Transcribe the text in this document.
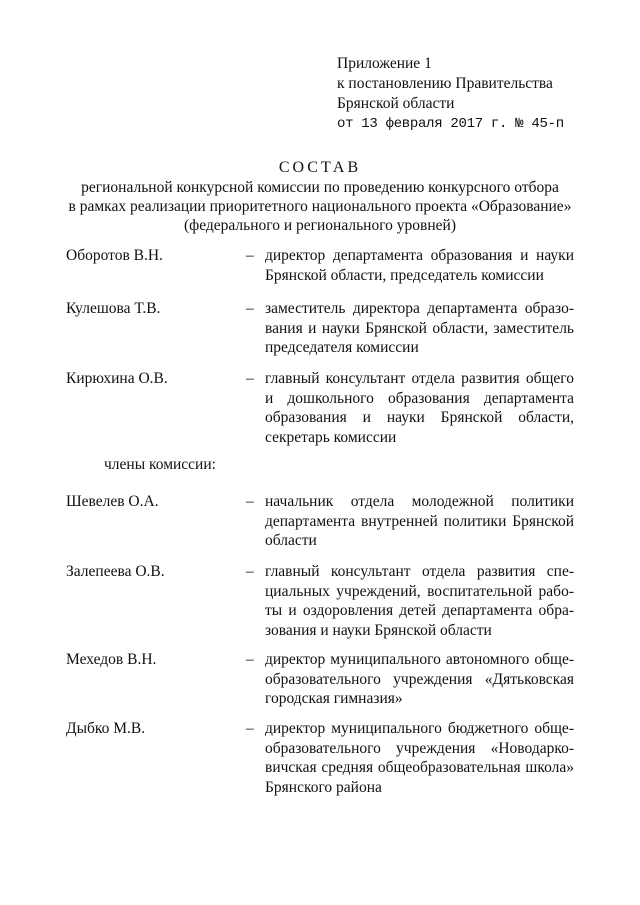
Приложение 1
к постановлению Правительства
Брянской области
от 13 февраля 2017 г. № 45-п
СОСТАВ
региональной конкурсной комиссии по проведению конкурсного отбора
в рамках реализации приоритетного национального проекта «Образование»
(федерального и регионального уровней)
Оборотов В.Н.	– директор департамента образования и науки Брянской области, председатель комиссии
Кулешова Т.В.	– заместитель директора департамента образования и науки Брянской области, заместитель председателя комиссии
Кирюхина О.В.	– главный консультант отдела развития общего и дошкольного образования департамента образования и науки Брянской области, секретарь комиссии
члены комиссии:
Шевелев О.А.	– начальник отдела молодежной политики департамента внутренней политики Брянской области
Залепеева О.В.	– главный консультант отдела развития специальных учреждений, воспитательной работы и оздоровления детей департамента образования и науки Брянской области
Мехедов В.Н.	– директор муниципального автономного общеобразовательного учреждения «Дятьковская городская гимназия»
Дыбко М.В.	– директор муниципального бюджетного общеобразовательного учреждения «Новодарковичская средняя общеобразовательная школа» Брянского района
